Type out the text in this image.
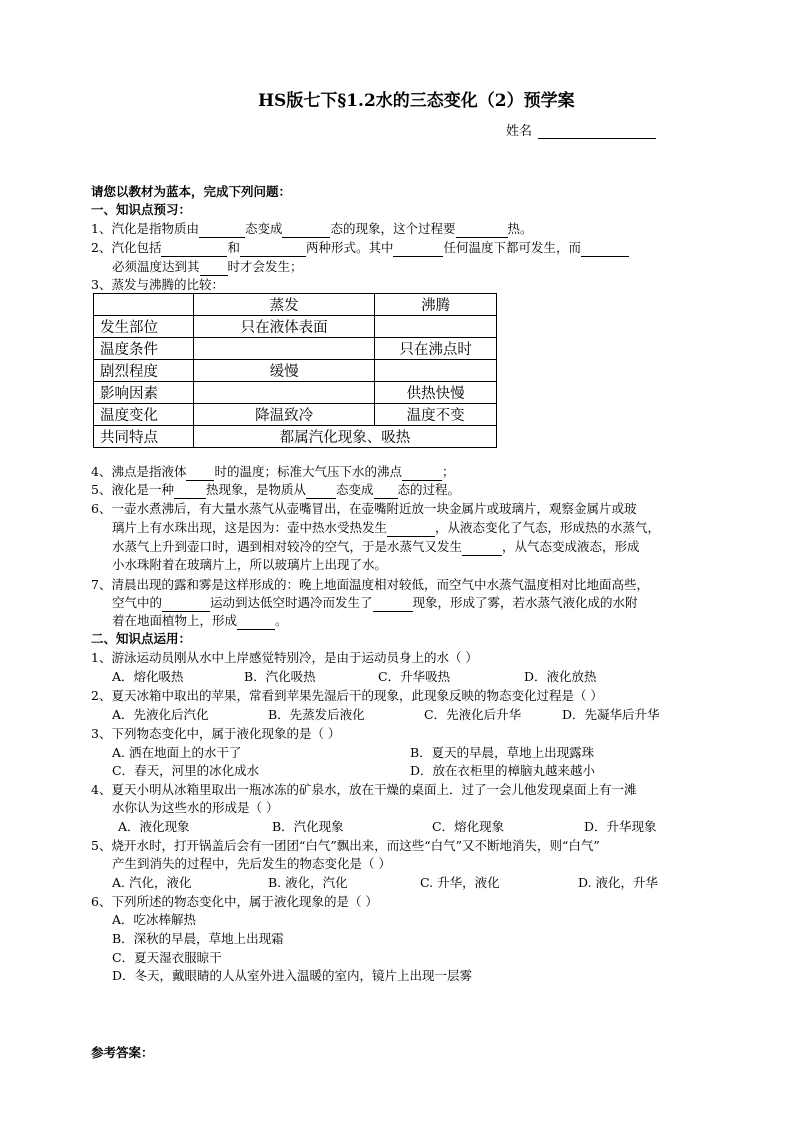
HS版七下§1.2水的三态变化（2）预学案
姓名
请您以教材为蓝本，完成下列问题：
一、知识点预习：
1、汽化是指物质由	态变成	态的现象，这个过程要	热。
2、汽化包括	和	两种形式。其中	任何温度下都可发生，而
必须温度达到其 时才会发生；
3、蒸发与沸腾的比较：
	蒸发	沸腾
发生部位	只在液体表面	
温度条件		只在沸点时
剧烈程度	缓慢	
影响因素		供热快慢
温度变化	降温致冷	温度不变
共同特点	都属汽化现象、吸热	
4、沸点是指液体 时的温度；标准大气压下水的沸点	；
5、液化是一种	热现象，是物质从 态变成 态的过程。
6、一壶水煮沸后，有大量水蒸气从壶嘴冒出，在壶嘴附近放一块金属片或玻璃片，观察金属片或玻
璃片上有水珠出现，这是因为：壶中热水受热发生	，从液态变化了气态，形成热的水蒸气，
水蒸气上升到壶口时，遇到相对较冷的空气，于是水蒸气又发生	，从气态变成液态，形成
小水珠附着在玻璃片上，所以玻璃片上出现了水。
7、清晨出现的露和雾是这样形成的：晚上地面温度相对较低，而空气中水蒸气温度相对比地面高些，
空气中的	运动到达低空时遇冷而发生了	现象，形成了雾，若水蒸气液化成的水附
着在地面植物上，形成	。
二、知识点运用：
1、游泳运动员刚从水中上岸感觉特别冷，是由于运动员身上的水（ ）
A．熔化吸热	B．汽化吸热	C．升华吸热	D．液化放热
2、夏天冰箱中取出的苹果，常看到苹果先湿后干的现象，此现象反映的物态变化过程是（ ）
A．先液化后汽化	B．先蒸发后液化	C．先液化后升华	D．先凝华后升华
3、下列物态变化中，属于液化现象的是（ ）
A. 洒在地面上的水干了	B．夏天的早晨，草地上出现露珠
C．春天，河里的冰化成水	D．放在衣柜里的樟脑丸越来越小
4、夏天小明从冰箱里取出一瓶冰冻的矿泉水，放在干燥的桌面上．过了一会儿他发现桌面上有一滩
水你认为这些水的形成是（ ）
A．液化现象	B．汽化现象	C．熔化现象	D．升华现象
5、烧开水时，打开锅盖后会有一团团“白气”飘出来，而这些“白气”又不断地消失，则“白气”
产生到消失的过程中，先后发生的物态变化是（ ）
A. 汽化，液化	B. 液化，汽化	C. 升华，液化	D. 液化，升华
6、下列所述的物态变化中，属于液化现象的是（ ）
A．吃冰棒解热
B．深秋的早晨，草地上出现霜
C．夏天湿衣服晾干
D．冬天，戴眼睛的人从室外进入温暖的室内，镜片上出现一层雾
参考答案：
